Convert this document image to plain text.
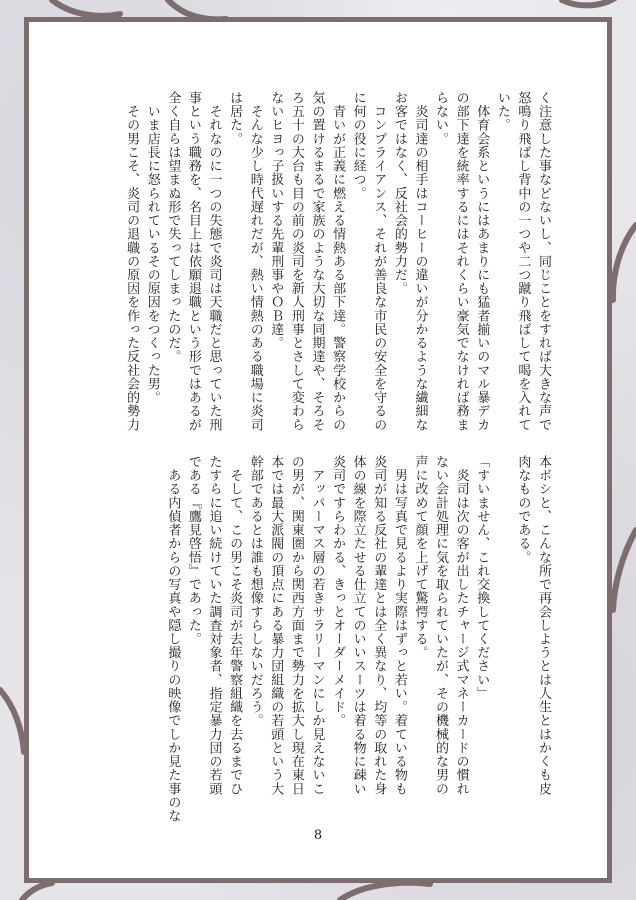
く注意した事などないし、同じことをすれば大きな声で
怒鳴り飛ばし背中の一つや二つ蹴り飛ばして喝を入れて
いた。
　体育会系というにはあまりにも猛者揃いのマル暴デカ
の部下達を統率するにはそれくらい豪気でなければ務ま
らない。
　炎司達の相手はコーヒーの違いが分かるような繊細な
お客ではなく、反社会的勢力だ。
　コンプライアンス、それが善良な市民の安全を守るの
に何の役に経つ。
　青いが正義に燃える情熱ある部下達。警察学校からの
気の置けるまるで家族のような大切な同期達や、そろそ
ろ五十の大台も目の前の炎司を新人刑事とさして変わら
ないヒヨっ子扱いする先輩刑事やＯＢ達。
　そんな少し時代遅れだが、熱い情熱のある職場に炎司
は居た。
　それなのに一つの失態で炎司は天職だと思っていた刑
事という職務を、名目上は依願退職という形ではあるが
全く自らは望まぬ形で失ってしまったのだ。
　いま店長に怒られているその原因をつくった男。
　その男こそ、炎司の退職の原因を作った反社会的勢力
本ボシと、こんな所で再会しようとは人生とはかくも皮
肉なものである。

「すいません、これ交換してください」
　炎司は次の客が出したチャージ式マネーカードの慣れ
ない会計処理に気を取られていたが、その機械的な男の
声に改めて顔を上げて驚愕する。
　男は写真で見るより実際はずっと若い。着ている物も
炎司が知る反社の輩達とは全く異なり、均等の取れた身
体の線を際立たせる仕立てのいいスーツは着る物に疎い
炎司ですらわかる、きっとオーダーメイド。
　アッパーマス層の若きサラリーマンにしか見えないこ
の男が、関東圏から関西方面まで勢力を拡大し現在東日
本では最大派閥の頂点にある暴力団組織の若頭という大
幹部であるとは誰も想像すらしないだろう。
　そして、この男こそ炎司が去年警察組織を去るまでひ
たすらに追い続けていた調査対象者、指定暴力団の若頭
である『鷹見啓悟』であった。
　ある内偵者からの写真や隠し撮りの映像でしか見た事のな
8
